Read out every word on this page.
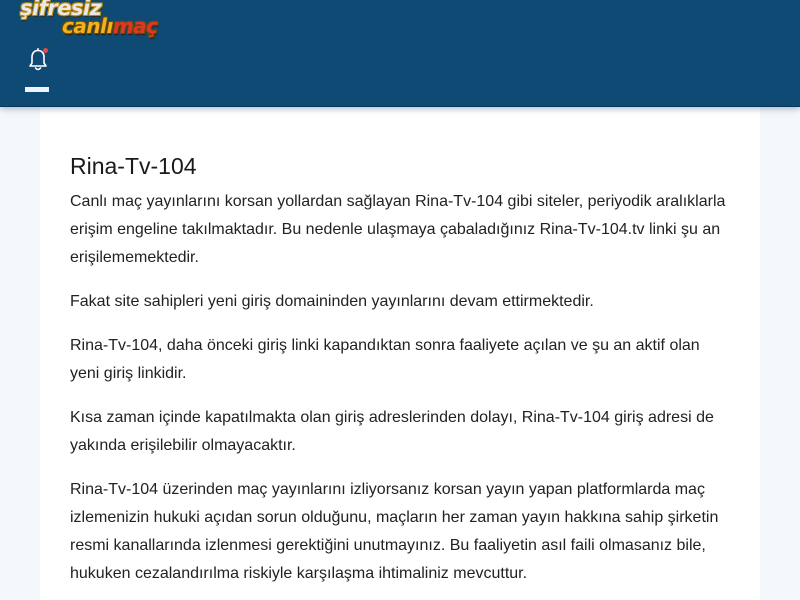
şifresiz
canlımaç
Rina-Tv-104

Canlı maç yayınlarını korsan yollardan sağlayan Rina-Tv-104 gibi siteler, periyodik aralıklarla erişim engeline takılmaktadır. Bu nedenle ulaşmaya çabaladığınız Rina-Tv-104.tv linki şu an erişilememektedir.

Fakat site sahipleri yeni giriş domaininden yayınlarını devam ettirmektedir.

Rina-Tv-104, daha önceki giriş linki kapandıktan sonra faaliyete açılan ve şu an aktif olan yeni giriş linkidir.

Kısa zaman içinde kapatılmakta olan giriş adreslerinden dolayı, Rina-Tv-104 giriş adresi de yakında erişilebilir olmayacaktır.

Rina-Tv-104 üzerinden maç yayınlarını izliyorsanız korsan yayın yapan platformlarda maç izlemenizin hukuki açıdan sorun olduğunu, maçların her zaman yayın hakkına sahip şirketin resmi kanallarında izlenmesi gerektiğini unutmayınız. Bu faaliyetin asıl faili olmasanız bile, hukuken cezalandırılma riskiyle karşılaşma ihtimaliniz mevcuttur.
